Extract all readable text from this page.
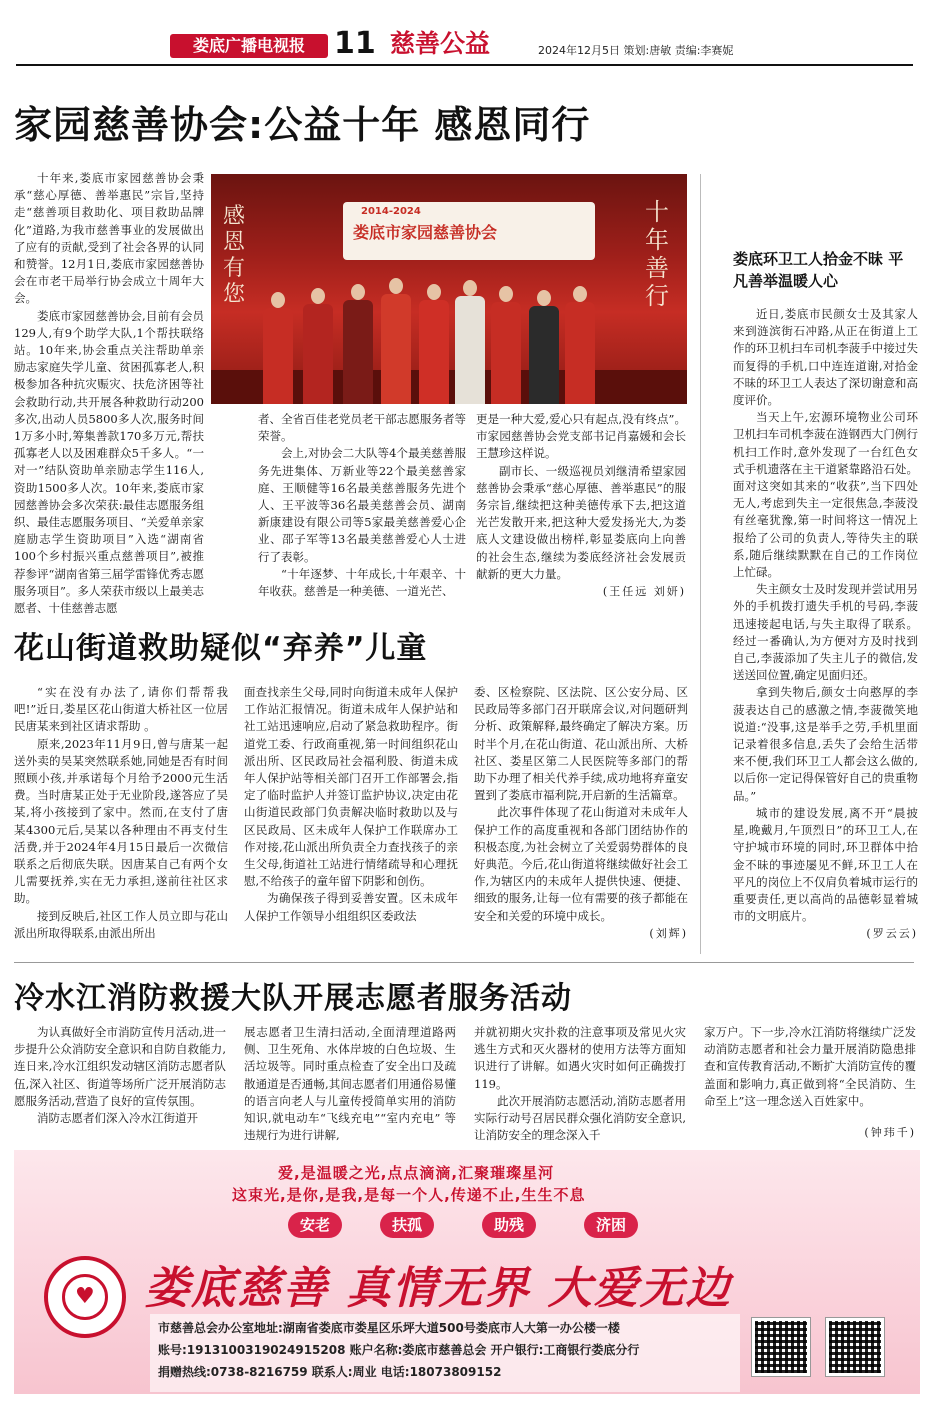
娄底广播电视报 11 慈善公益	2024年12月5日 策划:唐敏 责编:李赛妮
家园慈善协会:公益十年 感恩同行

十年来,娄底市家园慈善协会秉承“慈心厚德、善举惠民”宗旨,坚持走“慈善项目救助化、项目救助品牌化”道路,为我市慈善事业的发展做出了应有的贡献,受到了社会各界的认同和赞誉。12月1日,娄底市家园慈善协会在市老干局举行协会成立十周年大会。

娄底市家园慈善协会,目前有会员129人,有9个助学大队,1个帮扶联络站。10年来,协会重点关注帮助单亲励志家庭失学儿童、贫困孤寡老人,积极参加各种抗灾赈灾、扶危济困等社会救助行动,共开展各种救助行动200多次,出动人员5800多人次,服务时间1万多小时,筹集善款170多万元,帮扶孤寡老人以及困难群众5千多人。“一对一”结队资助单亲励志学生116人,资助1500多人次。10年来,娄底市家园慈善协会多次荣获:最佳志愿服务组织、最佳志愿服务项目、“关爱单亲家庭励志学生资助项目”入选“湖南省100个乡村振兴重点慈善项目”,被推荐参评“湖南省第三届学雷锋优秀志愿服务项目”。多人荣获市级以上最美志愿者、十佳慈善志愿

感恩有您
十年善行
2014-2024
娄底市家园慈善协会

者、全省百佳老党员老干部志愿服务者等荣誉。

会上,对协会二大队等4个最美慈善服务先进集体、万新业等22个最美慈善家庭、王顺健等16名最美慈善服务先进个人、王平波等36名最美慈善会员、湖南新康建设有限公司等5家最美慈善爱心企业、邵子军等13名最美慈善爱心人士进行了表彰。

“十年逐梦、十年成长,十年艰辛、十年收获。慈善是一种美德、一道光芒、

更是一种大爱,爱心只有起点,没有终点”。市家园慈善协会党支部书记肖嘉媛和会长王慧珍这样说。

副市长、一级巡视员刘继清希望家园慈善协会秉承“慈心厚德、善举惠民”的服务宗旨,继续把这种美德传承下去,把这道光芒发散开来,把这种大爱发扬光大,为娄底人文建设做出榜样,彰显娄底向上向善的社会生态,继续为娄底经济社会发展贡献新的更大力量。

(王任远 刘妍)
娄底环卫工人拾金不昧 平凡善举温暖人心

近日,娄底市民颜女士及其家人来到涟滨街石冲路,从正在街道上工作的环卫机扫车司机李菠手中接过失而复得的手机,口中连连道谢,对拾金不昧的环卫工人表达了深切谢意和高度评价。

当天上午,宏源环境物业公司环卫机扫车司机李菠在涟钢西大门例行机扫工作时,意外发现了一台红色女式手机遗落在主干道紧靠路沿石处。面对这突如其来的“收获”,当下四处无人,考虑到失主一定很焦急,李菠没有丝毫犹豫,第一时间将这一情况上报给了公司的负责人,等待失主的联系,随后继续默默在自己的工作岗位上忙碌。

失主颜女士及时发现并尝试用另外的手机拨打遗失手机的号码,李菠迅速接起电话,与失主取得了联系。经过一番确认,为方便对方及时找到自己,李菠添加了失主儿子的微信,发送送回位置,确定见面归还。

拿到失物后,颜女士向憨厚的李菠表达自己的感激之情,李菠微笑地说道:“没事,这是举手之劳,手机里面记录着很多信息,丢失了会给生活带来不便,我们环卫工人都会这么做的,以后你一定记得保管好自己的贵重物品。”

城市的建设发展,离不开“晨披星,晚戴月,午顶烈日”的环卫工人,在守护城市环境的同时,环卫群体中拾金不昧的事迹屡见不鲜,环卫工人在平凡的岗位上不仅肩负着城市运行的重要责任,更以高尚的品德彰显着城市的文明底片。

(罗云云)
花山街道救助疑似“弃养”儿童

“实在没有办法了,请你们帮帮我吧!”近日,娄星区花山街道大桥社区一位居民唐某来到社区请求帮助 。

原来,2023年11月9日,曾与唐某一起送外卖的吴某突然联系她,同她是否有时间照顾小孩,并承诺每个月给予2000元生活费。当时唐某正处于无业阶段,遂答应了吴某,将小孩接到了家中。然而,在支付了唐某4300元后,吴某以各种理由不再支付生活费,并于2024年4月15日最后一次微信联系之后彻底失联。因唐某自己有两个女儿需要抚养,实在无力承担,遂前往社区求助。

接到反映后,社区工作人员立即与花山派出所取得联系,由派出所出

面查找亲生父母,同时向街道未成年人保护工作站汇报情况。街道未成年人保护站和社工站迅速响应,启动了紧急救助程序。街道党工委、行政商重视,第一时间组织花山派出所、区民政局社会福利股、街道未成年人保护站等相关部门召开工作部署会,指定了临时监护人并签订监护协议,决定由花山街道民政部门负责解决临时救助以及与区民政局、区未成年人保护工作联席办工作对接,花山派出所负责全力查找孩子的亲生父母,街道社工站进行情绪疏导和心理抚慰,不给孩子的童年留下阴影和创伤。

为确保孩子得到妥善安置。区未成年人保护工作领导小组组织区委政法

委、区检察院、区法院、区公安分局、区民政局等多部门召开联席会议,对问题研判分析、政策解释,最终确定了解决方案。历时半个月,在花山街道、花山派出所、大桥社区、娄星区第二人民医院等多部门的帮助下办理了相关代养手续,成功地将弃童安置到了娄底市福利院,开启新的生活篇章。

此次事件体现了花山街道对未成年人保护工作的高度重视和各部门团结协作的积极态度,为社会树立了关爱弱势群体的良好典范。今后,花山街道将继续做好社会工作,为辖区内的未成年人提供快速、便捷、细致的服务,让每一位有需要的孩子都能在安全和关爱的环境中成长。

(刘辉)
冷水江消防救援大队开展志愿者服务活动

为认真做好全市消防宣传月活动,进一步提升公众消防安全意识和自防自救能力,连日来,冷水江组织发动辖区消防志愿者队伍,深入社区、街道等场所广泛开展消防志愿服务活动,营造了良好的宣传氛围。

消防志愿者们深入冷水江街道开

展志愿者卫生清扫活动,全面清理道路两侧、卫生死角、水体岸坡的白色垃圾、生活垃圾等。同时重点检查了安全出口及疏散通道是否通畅,其间志愿者们用通俗易懂的语言向老人与儿童传授简单实用的消防知识,就电动车“飞线充电”“室内充电” 等违规行为进行讲解,

并就初期火灾扑救的注意事项及常见火灾逃生方式和灭火器材的使用方法等方面知识进行了讲解。如遇火灾时如何正确拨打119。

此次开展消防志愿活动,消防志愿者用实际行动号召居民群众强化消防安全意识,让消防安全的理念深入千

家万户。下一步,冷水江消防将继续广泛发动消防志愿者和社会力量开展消防隐患排查和宣传教育活动,不断扩大消防宣传的覆盖面和影响力,真正做到将“全民消防、生命至上”这一理念送入百姓家中。

(钟玮千)
爱,是温暖之光,点点滴滴,汇聚璀璨星河
这束光,是你,是我,是每一个人,传递不止,生生不息
安老	扶孤	助残	济困
♥ 娄底慈善 真情无界 大爱无边
市慈善总会办公室地址:湖南省娄底市娄星区乐坪大道500号娄底市人大第一办公楼一楼
账号:1913100319024915208 账户名称:娄底市慈善总会 开户银行:工商银行娄底分行
捐赠热线:0738-8216759 联系人:周业 电话:18073809152
